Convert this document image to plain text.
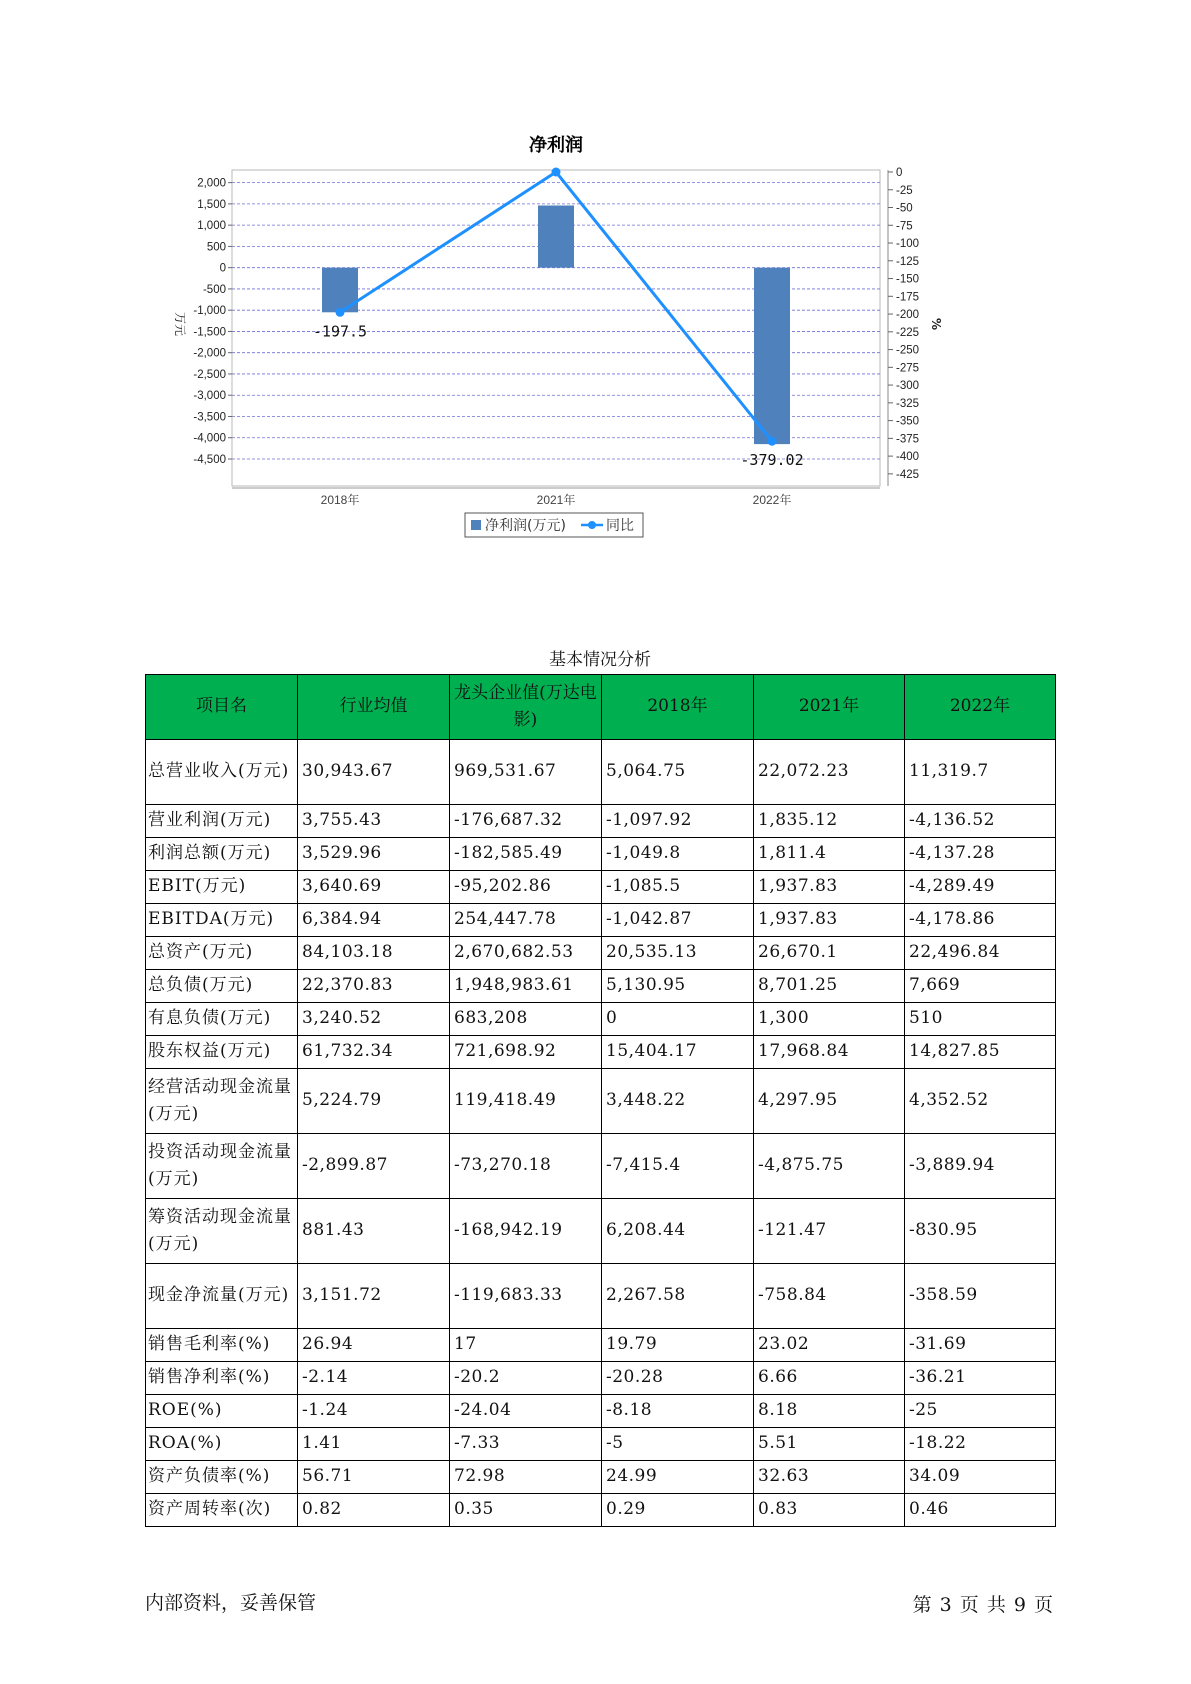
净利润
2,000
1,500
1,000
500
0
-500
-1,000
-1,500
-2,000
-2,500
-3,000
-3,500
-4,000
-4,500
0
-25
-50
-75
-100
-125
-150
-175
-200
-225
-250
-275
-300
-325
-350
-375
-400
-425
万元	%
2018年	2021年	2022年
-197.5
-379.02
净利润(万元)	同比
基本情况分析
项目名	行业均值	龙头企业值(万达电影)	2018年	2021年	2022年
总营业收入(万元)	30,943.67	969,531.67	5,064.75	22,072.23	11,319.7
营业利润(万元)	3,755.43	-176,687.32	-1,097.92	1,835.12	-4,136.52
利润总额(万元)	3,529.96	-182,585.49	-1,049.8	1,811.4	-4,137.28
EBIT(万元)	3,640.69	-95,202.86	-1,085.5	1,937.83	-4,289.49
EBITDA(万元)	6,384.94	254,447.78	-1,042.87	1,937.83	-4,178.86
总资产(万元)	84,103.18	2,670,682.53	20,535.13	26,670.1	22,496.84
总负债(万元)	22,370.83	1,948,983.61	5,130.95	8,701.25	7,669
有息负债(万元)	3,240.52	683,208	0	1,300	510
股东权益(万元)	61,732.34	721,698.92	15,404.17	17,968.84	14,827.85
经营活动现金流量(万元)	5,224.79	119,418.49	3,448.22	4,297.95	4,352.52
投资活动现金流量(万元)	-2,899.87	-73,270.18	-7,415.4	-4,875.75	-3,889.94
筹资活动现金流量(万元)	881.43	-168,942.19	6,208.44	-121.47	-830.95
现金净流量(万元)	3,151.72	-119,683.33	2,267.58	-758.84	-358.59
销售毛利率(%)	26.94	17	19.79	23.02	-31.69
销售净利率(%)	-2.14	-20.2	-20.28	6.66	-36.21
ROE(%)	-1.24	-24.04	-8.18	8.18	-25
ROA(%)	1.41	-7.33	-5	5.51	-18.22
资产负债率(%)	56.71	72.98	24.99	32.63	34.09
资产周转率(次)	0.82	0.35	0.29	0.83	0.46
内部资料，妥善保管	第 3 页 共 9 页
